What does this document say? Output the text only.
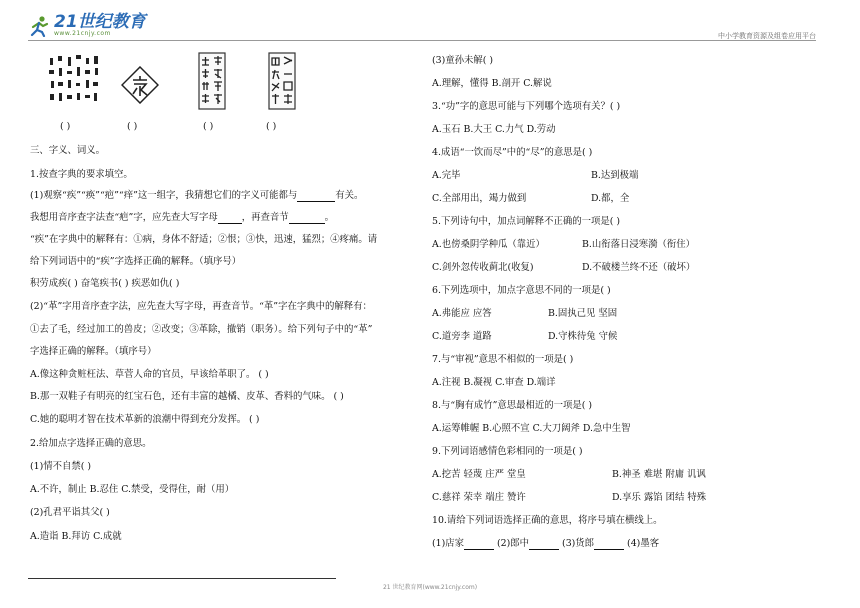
21世纪教育
www.21cnjy.com	中小学教育资源及组卷应用平台
( )	( )	( )	( )
三、字义、词义。
1.按查字典的要求填空。
(1)观察“疾”“痪”“疤”“痒”这一组字，我猜想它们的字义可能都与	有关。
我想用音序查字法查“疤”字，应先查大写字母	，再查音节	。
“疾”在字典中的解释有：①病，身体不舒适；②恨；③快，迅速，猛烈；④疼痛。请
给下列词语中的“疾”字选择正确的解释。（填序号）
积劳成疾( ) 奋笔疾书( ) 疾恶如仇( )
(2)“革”字用音序查字法，应先查大写字母，再查音节。“革”字在字典中的解释有：
①去了毛，经过加工的兽皮；②改变；③革除，撤销（职务）。给下列句子中的“革”
字选择正确的解释。（填序号）
A.像这种贪赃枉法、草菅人命的官员，早该给革职了。 ( )
B.那一双鞋子有明亮的红宝石色，还有丰富的越橘、皮革、香料的气味。 ( )
C.她的聪明才智在技术革新的浪潮中得到充分发挥。 ( )
2.给加点字选择正确的意思。
(1)情不自禁( )
A.不许，制止 B.忍住 C.禁受，受得住，耐（用）
(2)孔君平诣其父( )
A.造诣 B.拜访 C.成就
(3)童孙未解( )
A.理解，懂得 B.剖开 C.解说
3.“功”字的意思可能与下列哪个选项有关？( )
A.玉石 B.大王 C.力气 D.劳动
4.成语“一饮而尽”中的“尽”的意思是( )
A.完毕	B.达到极端
C.全部用出，竭力做到	D.都，全
5.下列诗句中，加点词解释不正确的一项是( )
A.也傍桑阴学种瓜（靠近）	B.山衔落日浸寒漪（衔住）
C.剑外忽传收蓟北(收复)	D.不破楼兰终不还（破坏）
6.下列选项中，加点字意思不同的一项是( )
A.弗能应 应答	B.固执己见 坚固
C.道旁李 道路	D.守株待兔 守候
7.与“审视”意思不相似的一项是( )
A.注视 B.凝视 C.审查 D.端详
8.与“胸有成竹”意思最相近的一项是( )
A.运筹帷幄 B.心照不宣 C.大刀阔斧 D.急中生智
9.下列词语感情色彩相同的一项是( )
A.挖苦 轻蔑 庄严 堂皇	B.神圣 难堪 附庸 讥讽
C.慈祥 荣幸 端庄 赞许	D.享乐 露馅 团结 特殊
10.请给下列词语选择正确的意思，将序号填在横线上。
(1)店家	(2)郎中	(3)货郎	(4)墨客
21 世纪教育网(www.21cnjy.com)
